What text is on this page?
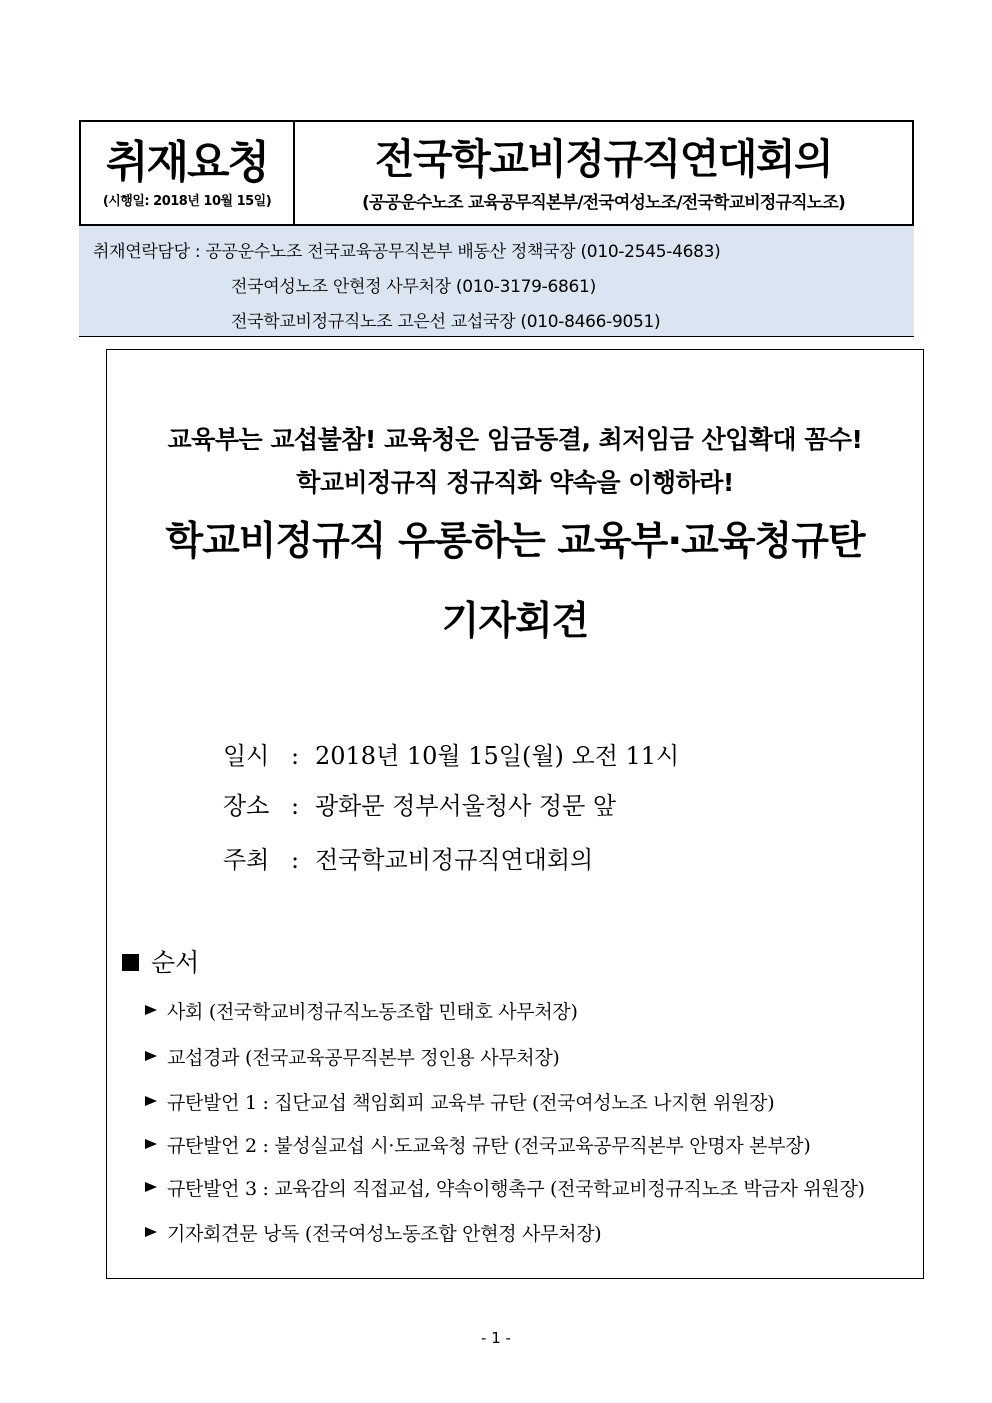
취재요청
(시행일: 2018년 10월 15일)
전국학교비정규직연대회의
(공공운수노조 교육공무직본부/전국여성노조/전국학교비정규직노조)
취재연락담당 : 공공운수노조 전국교육공무직본부 배동산 정책국장 (010-2545-4683)
전국여성노조 안현정 사무처장 (010-3179-6861)
전국학교비정규직노조 고은선 교섭국장 (010-8466-9051)
교육부는 교섭불참! 교육청은 임금동결, 최저임금 산입확대 꼼수!
학교비정규직 정규직화 약속을 이행하라!
학교비정규직 우롱하는 교육부·교육청규탄
기자회견
일시 : 2018년 10월 15일(월) 오전 11시
장소 : 광화문 정부서울청사 정문 앞
주최 : 전국학교비정규직연대회의
순서
사회 (전국학교비정규직노동조합 민태호 사무처장)
교섭경과 (전국교육공무직본부 정인용 사무처장)
규탄발언 1 : 집단교섭 책임회피 교육부 규탄 (전국여성노조 나지현 위원장)
규탄발언 2 : 불성실교섭 시·도교육청 규탄 (전국교육공무직본부 안명자 본부장)
규탄발언 3 : 교육감의 직접교섭, 약속이행촉구 (전국학교비정규직노조 박금자 위원장)
기자회견문 낭독 (전국여성노동조합 안현정 사무처장)
- 1 -
